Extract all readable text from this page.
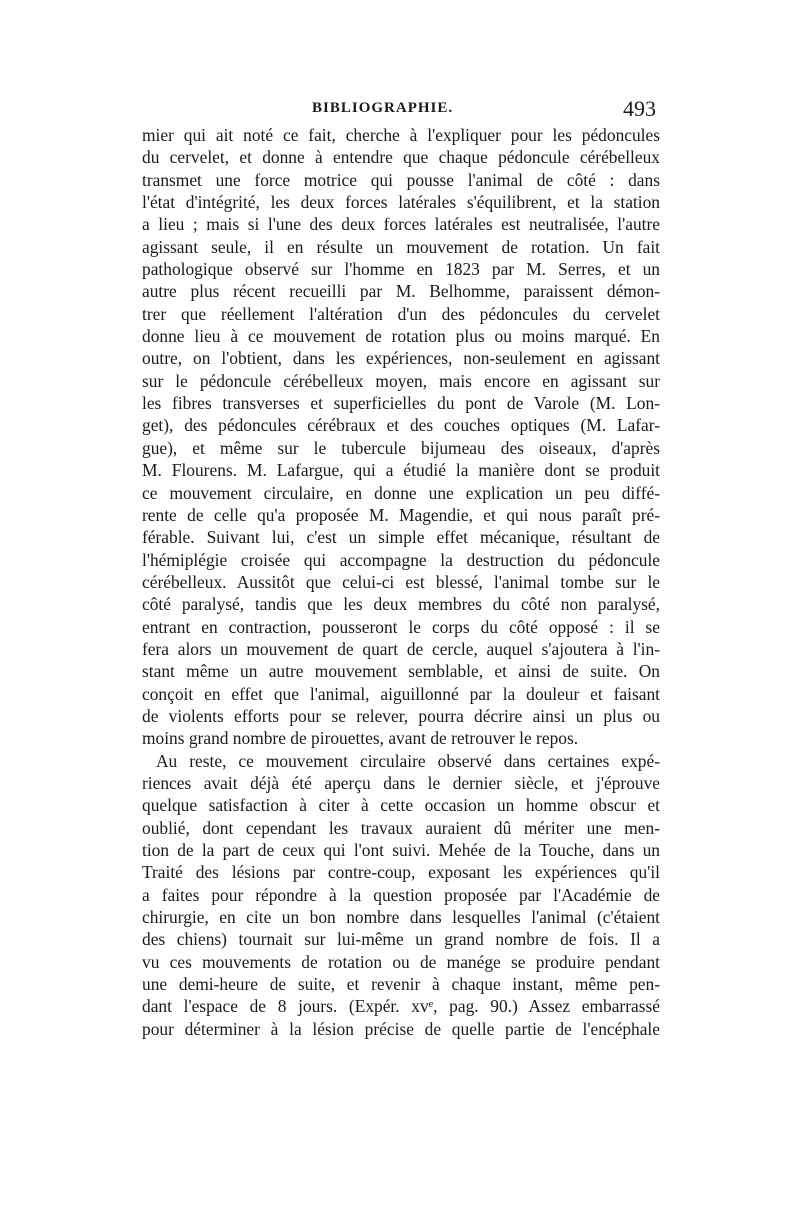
BIBLIOGRAPHIE.	493
mier qui ait noté ce fait, cherche à l'expliquer pour les pédoncules
du cervelet, et donne à entendre que chaque pédoncule cérébelleux
transmet une force motrice qui pousse l'animal de côté : dans
l'état d'intégrité, les deux forces latérales s'équilibrent, et la station
a lieu ; mais si l'une des deux forces latérales est neutralisée, l'autre
agissant seule, il en résulte un mouvement de rotation. Un fait
pathologique observé sur l'homme en 1823 par M. Serres, et un
autre plus récent recueilli par M. Belhomme, paraissent démon-
trer que réellement l'altération d'un des pédoncules du cervelet
donne lieu à ce mouvement de rotation plus ou moins marqué. En
outre, on l'obtient, dans les expériences, non-seulement en agissant
sur le pédoncule cérébelleux moyen, mais encore en agissant sur
les fibres transverses et superficielles du pont de Varole (M. Lon-
get), des pédoncules cérébraux et des couches optiques (M. Lafar-
gue), et même sur le tubercule bijumeau des oiseaux, d'après
M. Flourens. M. Lafargue, qui a étudié la manière dont se produit
ce mouvement circulaire, en donne une explication un peu diffé-
rente de celle qu'a proposée M. Magendie, et qui nous paraît pré-
férable. Suivant lui, c'est un simple effet mécanique, résultant de
l'hémiplégie croisée qui accompagne la destruction du pédoncule
cérébelleux. Aussitôt que celui-ci est blessé, l'animal tombe sur le
côté paralysé, tandis que les deux membres du côté non paralysé,
entrant en contraction, pousseront le corps du côté opposé : il se
fera alors un mouvement de quart de cercle, auquel s'ajoutera à l'in-
stant même un autre mouvement semblable, et ainsi de suite. On
conçoit en effet que l'animal, aiguillonné par la douleur et faisant
de violents efforts pour se relever, pourra décrire ainsi un plus ou
moins grand nombre de pirouettes, avant de retrouver le repos.
Au reste, ce mouvement circulaire observé dans certaines expé-
riences avait déjà été aperçu dans le dernier siècle, et j'éprouve
quelque satisfaction à citer à cette occasion un homme obscur et
oublié, dont cependant les travaux auraient dû mériter une men-
tion de la part de ceux qui l'ont suivi. Mehée de la Touche, dans un
Traité des lésions par contre-coup, exposant les expériences qu'il
a faites pour répondre à la question proposée par l'Académie de
chirurgie, en cite un bon nombre dans lesquelles l'animal (c'étaient
des chiens) tournait sur lui-même un grand nombre de fois. Il a
vu ces mouvements de rotation ou de manége se produire pendant
une demi-heure de suite, et revenir à chaque instant, même pen-
dant l'espace de 8 jours. (Expér. xvᵉ, pag. 90.) Assez embarrassé
pour déterminer à la lésion précise de quelle partie de l'encéphale
